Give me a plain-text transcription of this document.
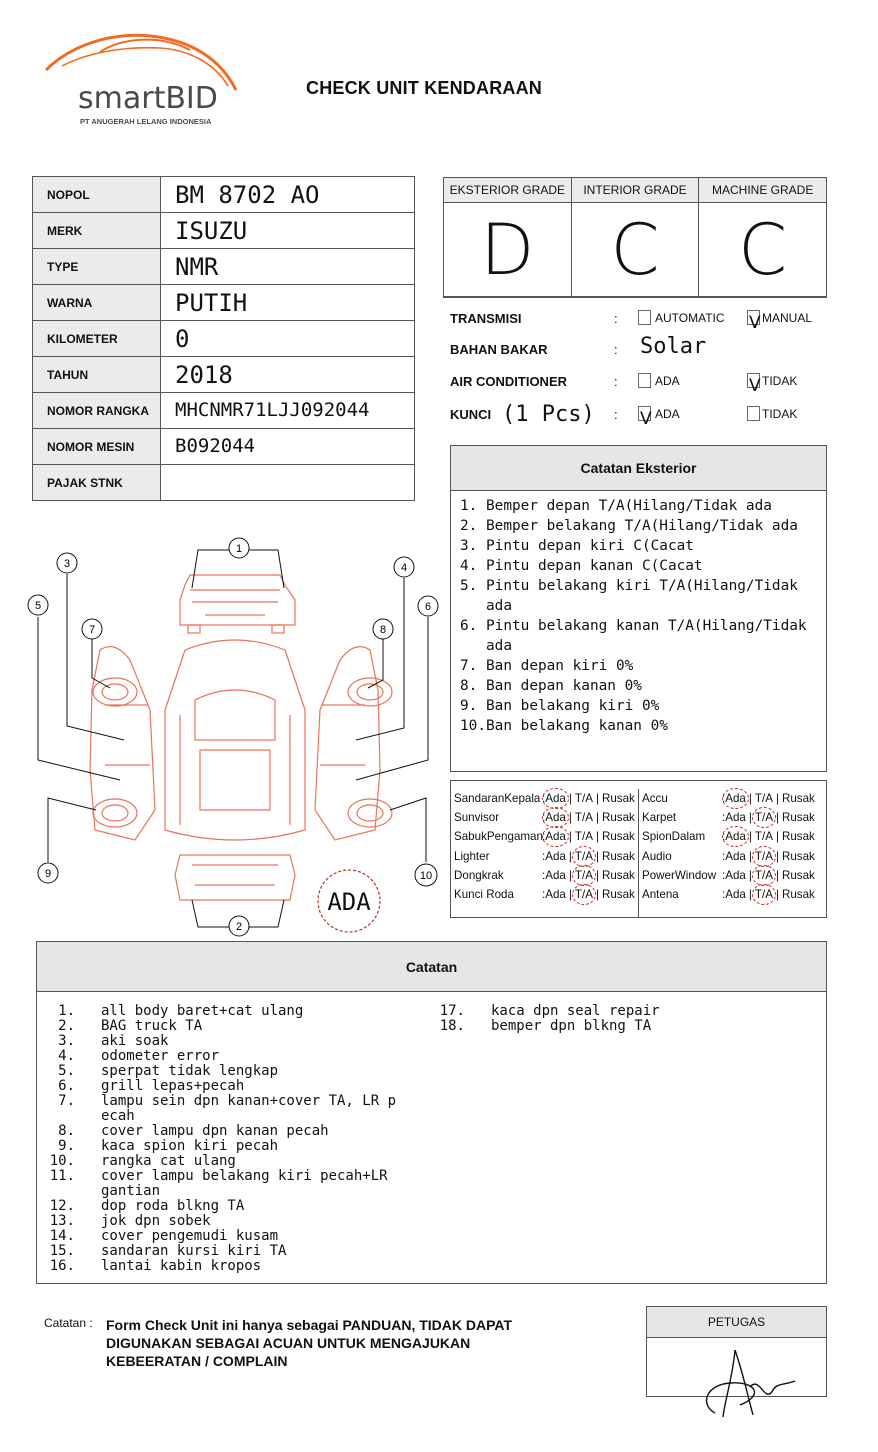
smartBID
PT ANUGERAH LELANG INDONESIA
CHECK UNIT KENDARAAN
NOPOL	BM 8702 AO
MERK	ISUZU
TYPE	NMR
WARNA	PUTIH
KILOMETER	0
TAHUN	2018
NOMOR RANGKA	MHCNMR71LJJ092044
NOMOR MESIN	B092044
PAJAK STNK	
EKSTERIOR GRADE
D
INTERIOR GRADE
C
MACHINE GRADE
C
TRANSMISI	:	AUTOMATIC V MANUAL
BAHAN BAKAR	: Solar
AIR CONDITIONER	:	ADA	V TIDAK
KUNCI (1 Pcs) : V ADA	TIDAK
Catatan Eksterior
1. Bemper depan T/A(Hilang/Tidak ada
2. Bemper belakang T/A(Hilang/Tidak ada
3. Pintu depan kiri C(Cacat
4. Pintu depan kanan C(Cacat
5. Pintu belakang kiri T/A(Hilang/Tidak ada
6. Pintu belakang kanan T/A(Hilang/Tidak ada
7. Ban depan kiri 0%
8. Ban depan kanan 0%
9. Ban belakang kiri 0%
10. Ban belakang kanan 0%
SandaranKepala : Ada | T/A | Rusak
Sunvisor	: Ada | T/A | Rusak
SabukPengaman : Ada | T/A | Rusak
Lighter	: Ada | T/A | Rusak
Dongkrak	: Ada | T/A | Rusak
Kunci Roda	: Ada | T/A | Rusak
Accu	: Ada | T/A | Rusak
Karpet	: Ada | T/A | Rusak
SpionDalam	: Ada | T/A | Rusak
Audio	: Ada | T/A | Rusak
PowerWindow : Ada | T/A | Rusak
Antena	: Ada | T/A | Rusak
1
2
3	4
5	6
7	8
9	10
ADA
Catatan
1.	all body baret+cat ulang
2.	BAG truck TA
3.	aki soak
4.	odometer error
5.	sperpat tidak lengkap
6.	grill lepas+pecah
7.	lampu sein dpn kanan+cover TA, LR p ecah
8.	cover lampu dpn kanan pecah
9.	kaca spion kiri pecah
10.	rangka cat ulang
11.	cover lampu belakang kiri pecah+LR gantian
12.	dop roda blkng TA
13.	jok dpn sobek
14.	cover pengemudi kusam
15.	sandaran kursi kiri TA
16.	lantai kabin kropos
17.	kaca dpn seal repair
18.	bemper dpn blkng TA
Catatan : Form Check Unit ini hanya sebagai PANDUAN, TIDAK DAPAT DIGUNAKAN SEBAGAI ACUAN UNTUK MENGAJUKAN KEBEERATAN / COMPLAIN
PETUGAS
